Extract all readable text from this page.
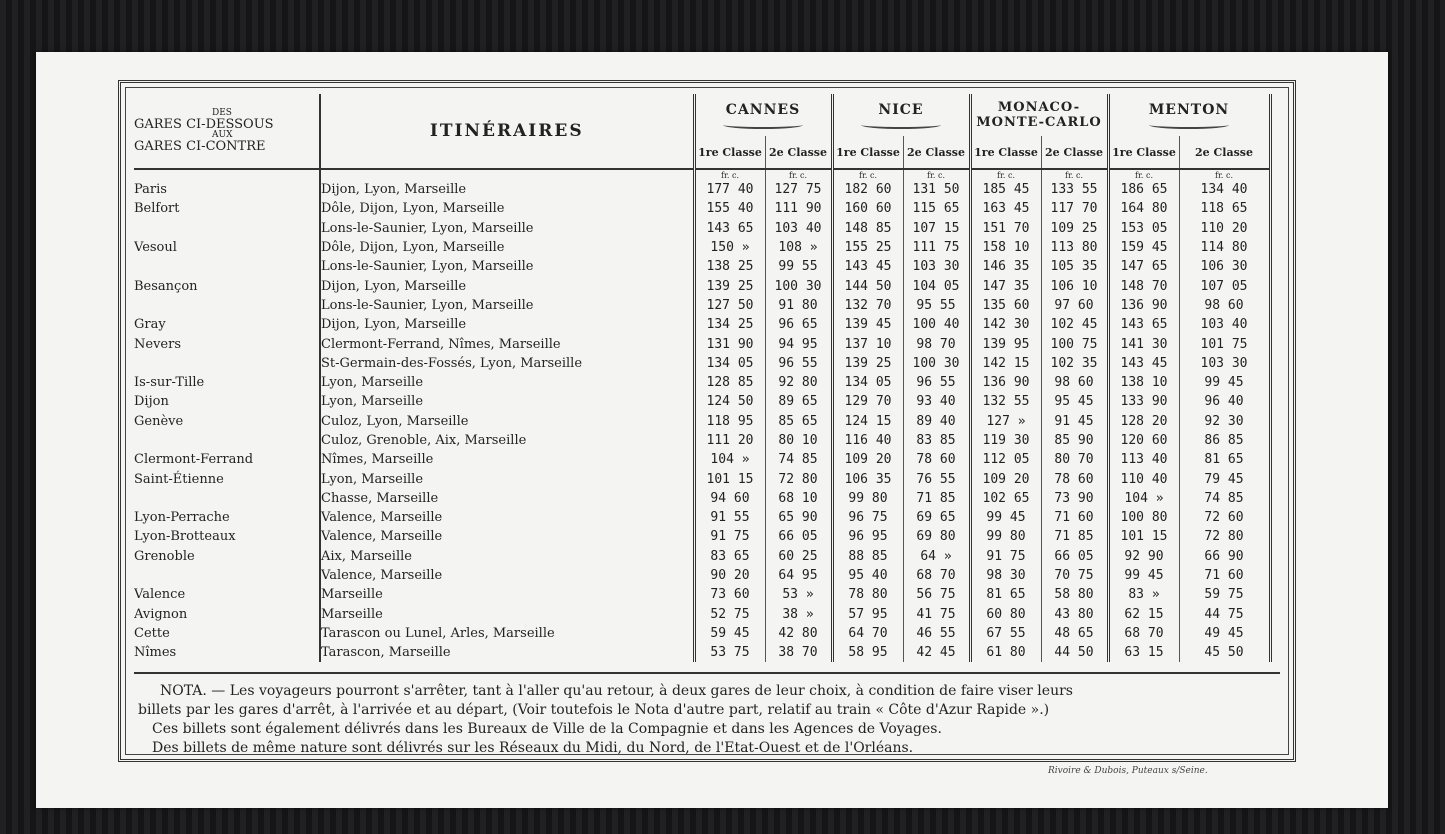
DES
GARES CI-DESSOUS
AUX
GARES CI-CONTRE	ITINÉRAIRES	CANNES		NICE		MONACO-
MONTE-CARLO		MENTON	

		1re Classe	2e Classe	1re Classe	2e Classe	1re Classe	2e Classe	1re Classe	2e Classe
		fr. c.	fr. c.	fr. c.	fr. c.	fr. c.	fr. c.	fr. c.	fr. c.
Paris	Dijon, Lyon, Marseille	177 40	127 75	182 60	131 50	185 45	133 55	186 65	134 40
Belfort	Dôle, Dijon, Lyon, Marseille	155 40	111 90	160 60	115 65	163 45	117 70	164 80	118 65
	Lons-le-Saunier, Lyon, Marseille	143 65	103 40	148 85	107 15	151 70	109 25	153 05	110 20
Vesoul	Dôle, Dijon, Lyon, Marseille	150 »	108 »	155 25	111 75	158 10	113 80	159 45	114 80
	Lons-le-Saunier, Lyon, Marseille	138 25	99 55	143 45	103 30	146 35	105 35	147 65	106 30
Besançon	Dijon, Lyon, Marseille	139 25	100 30	144 50	104 05	147 35	106 10	148 70	107 05
	Lons-le-Saunier, Lyon, Marseille	127 50	91 80	132 70	95 55	135 60	97 60	136 90	98 60
Gray	Dijon, Lyon, Marseille	134 25	96 65	139 45	100 40	142 30	102 45	143 65	103 40
Nevers	Clermont-Ferrand, Nîmes, Marseille	131 90	94 95	137 10	98 70	139 95	100 75	141 30	101 75
	St-Germain-des-Fossés, Lyon, Marseille	134 05	96 55	139 25	100 30	142 15	102 35	143 45	103 30
Is-sur-Tille	Lyon, Marseille	128 85	92 80	134 05	96 55	136 90	98 60	138 10	99 45
Dijon	Lyon, Marseille	124 50	89 65	129 70	93 40	132 55	95 45	133 90	96 40
Genève	Culoz, Lyon, Marseille	118 95	85 65	124 15	89 40	127 »	91 45	128 20	92 30
	Culoz, Grenoble, Aix, Marseille	111 20	80 10	116 40	83 85	119 30	85 90	120 60	86 85
Clermont-Ferrand	Nîmes, Marseille	104 »	74 85	109 20	78 60	112 05	80 70	113 40	81 65
Saint-Étienne	Lyon, Marseille	101 15	72 80	106 35	76 55	109 20	78 60	110 40	79 45
	Chasse, Marseille	94 60	68 10	99 80	71 85	102 65	73 90	104 »	74 85
Lyon-Perrache	Valence, Marseille	91 55	65 90	96 75	69 65	99 45	71 60	100 80	72 60
Lyon-Brotteaux	Valence, Marseille	91 75	66 05	96 95	69 80	99 80	71 85	101 15	72 80
Grenoble	Aix, Marseille	83 65	60 25	88 85	64 »	91 75	66 05	92 90	66 90
	Valence, Marseille	90 20	64 95	95 40	68 70	98 30	70 75	99 45	71 60
Valence	Marseille	73 60	53 »	78 80	56 75	81 65	58 80	83 »	59 75
Avignon	Marseille	52 75	38 »	57 95	41 75	60 80	43 80	62 15	44 75
Cette	Tarascon ou Lunel, Arles, Marseille	59 45	42 80	64 70	46 55	67 55	48 65	68 70	49 45
Nîmes	Tarascon, Marseille	53 75	38 70	58 95	42 45	61 80	44 50	63 15	45 50

NOTA. — Les voyageurs pourront s'arrêter, tant à l'aller qu'au retour, à deux gares de leur choix, à condition de faire viser leurs

billets par les gares d'arrêt, à l'arrivée et au départ, (Voir toutefois le Nota d'autre part, relatif au train « Côte d'Azur Rapide ».)

Ces billets sont également délivrés dans les Bureaux de Ville de la Compagnie et dans les Agences de Voyages.

Des billets de même nature sont délivrés sur les Réseaux du Midi, du Nord, de l'Etat-Ouest et de l'Orléans.

Rivoire & Dubois, Puteaux s/Seine.
